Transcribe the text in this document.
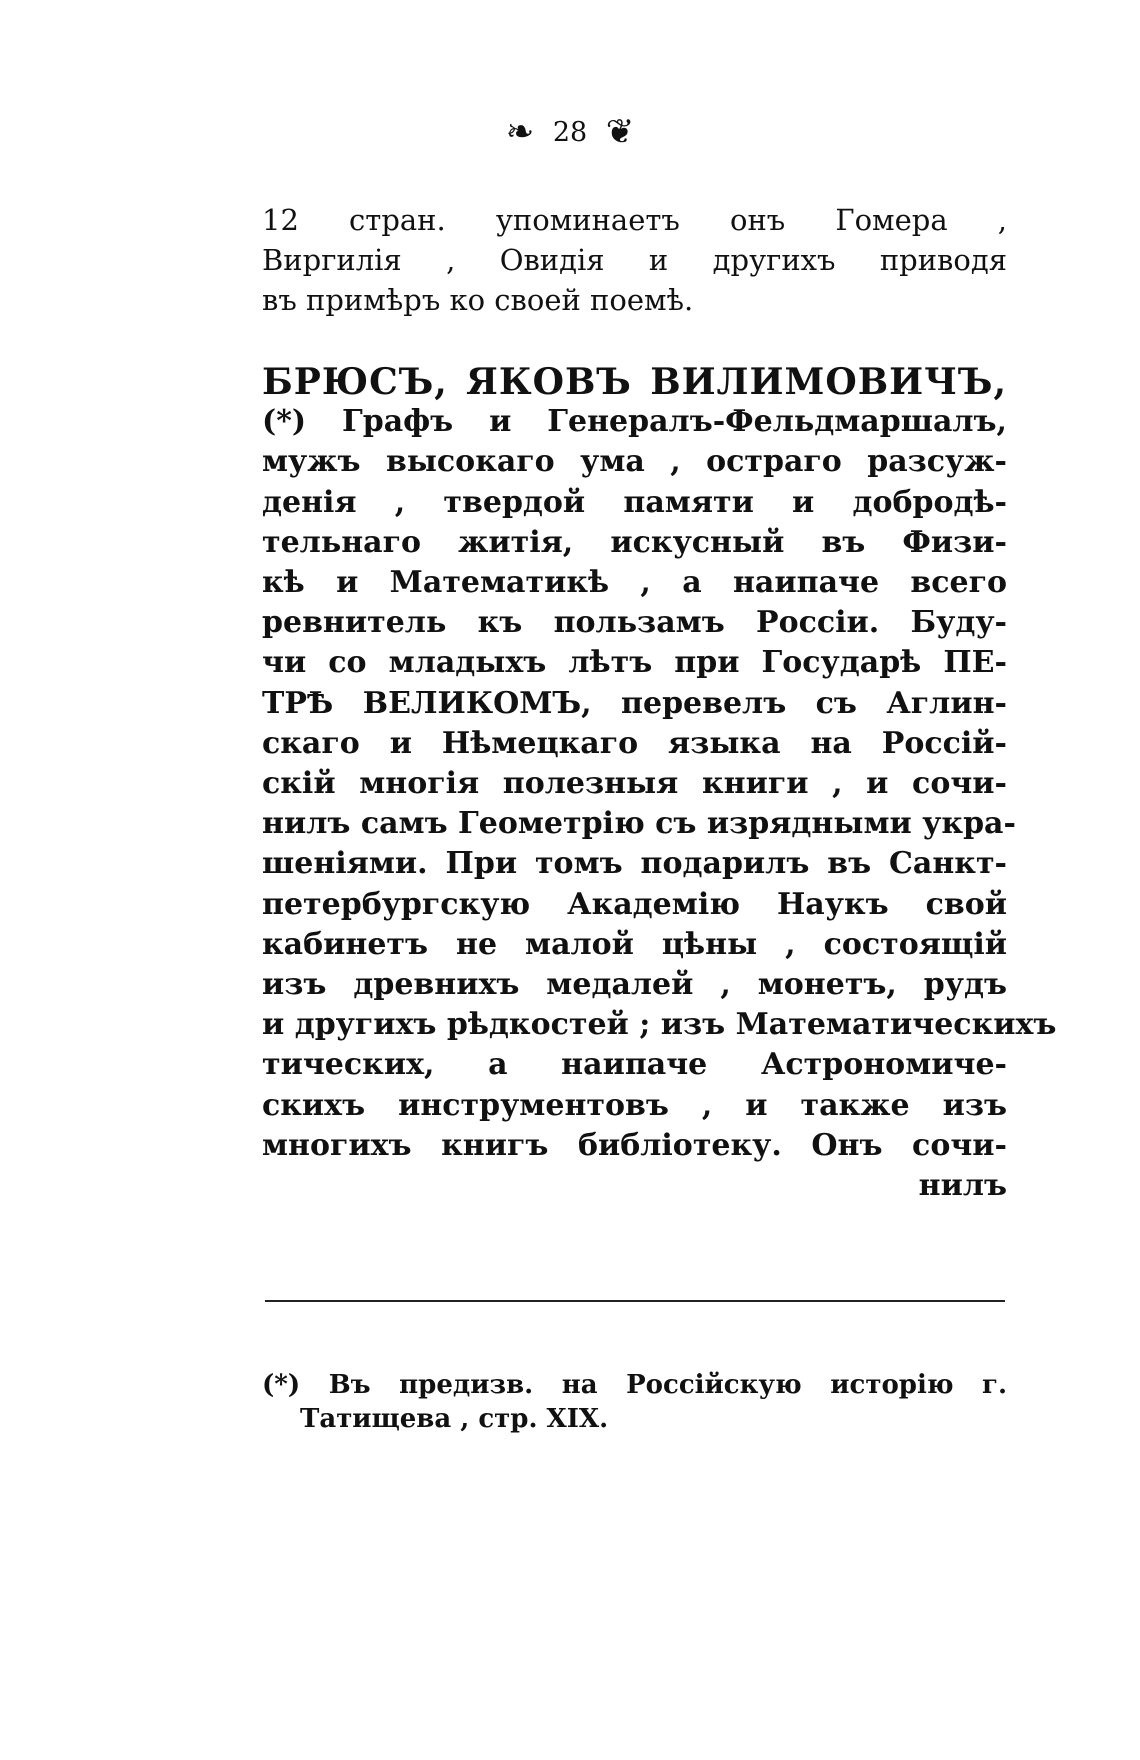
❧ 28 ❦
12 стран. упоминаетъ онъ Гомера ,
Виргилія , Овидія и другихъ приводя
въ примѣръ ко своей поемѣ.
БРЮСЪ, ЯКОВЪ ВИЛИМОВИЧЪ,
(*) Графъ и Генералъ-Фельдмаршалъ,
мужъ высокаго ума , остраго разсуж-
денія , твердой памяти и добродѣ-
тельнаго житія, искусный въ Физи-
кѣ и Математикѣ , а наипаче всего
ревнитель къ пользамъ Россіи. Буду-
чи со младыхъ лѣтъ при Государѣ ПЕ-
ТРѢ ВЕЛИКОМЪ, перевелъ съ Аглин-
скаго и Нѣмецкаго языка на Россій-
скій многія полезныя книги , и сочи-
нилъ самъ Геометрію съ изрядными укра-
шеніями. При томъ подарилъ въ Санкт-
петербургскую Академію Наукъ свой
кабинетъ не малой цѣны , состоящій
изъ древнихъ медалей , монетъ, рудъ
и другихъ рѣдкостей ; изъ Математическихъ
тических, а наипаче Астрономиче-
скихъ инструментовъ , и также изъ
многихъ книгъ библіотеку. Онъ сочи-
нилъ
(*) Въ предизв. на Россійскую исторію г.
Татищева , стр. XIX.
